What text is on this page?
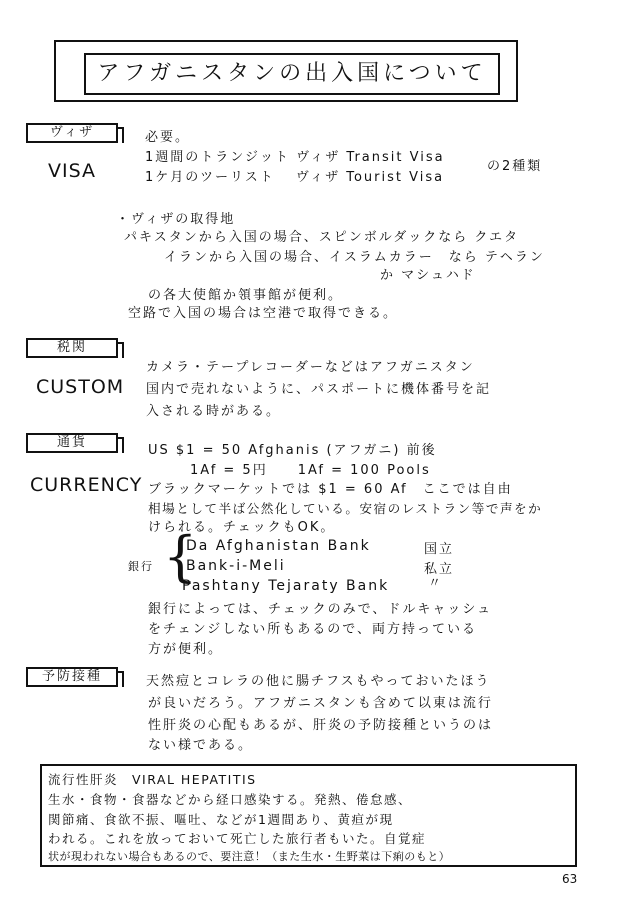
アフガニスタンの出入国について
ヴィザ
VISA
必要。
1週間のトランジット ヴィザ Transit Visa
1ケ月のツーリスト　 ヴィザ Tourist Visa
の2種類
・ヴィザの取得地
パキスタンから入国の場合、スピンボルダックなら クエタ
イランから入国の場合、イスラムカラー　なら テヘラン
か マシュハド
の各大使館か領事館が便利。
空路で入国の場合は空港で取得できる。
税関
CUSTOM
カメラ・テープレコーダーなどはアフガニスタン
国内で売れないように、パスポートに機体番号を記
入される時がある。
通貨
CURRENCY
US $1 = 50 Afghanis (アフガニ) 前後
1Af = 5円　　1Af = 100 Pools
ブラックマーケットでは $1 = 60 Af　ここでは自由
相場として半ば公然化している。安宿のレストラン等で声をか
けられる。チェックもOK。
銀行 {
Da Afghanistan Bank
Bank-i-Meli
Pashtany Tejaraty Bank
国立
私立
〃
銀行によっては、チェックのみで、ドルキャッシュ
をチェンジしない所もあるので、両方持っている
方が便利。
予防接種	天然痘とコレラの他に腸チフスもやっておいたほう
が良いだろう。アフガニスタンも含めて以東は流行
性肝炎の心配もあるが、肝炎の予防接種というのは
ない様である。
流行性肝炎　VIRAL HEPATITIS
生水・食物・食器などから経口感染する。発熱、倦怠感、
関節痛、食欲不振、嘔吐、などが1週間あり、黄疸が現
われる。これを放っておいて死亡した旅行者もいた。自覚症
状が現われない場合もあるので、要注意！（また生水・生野菜は下痢のもと）
63
